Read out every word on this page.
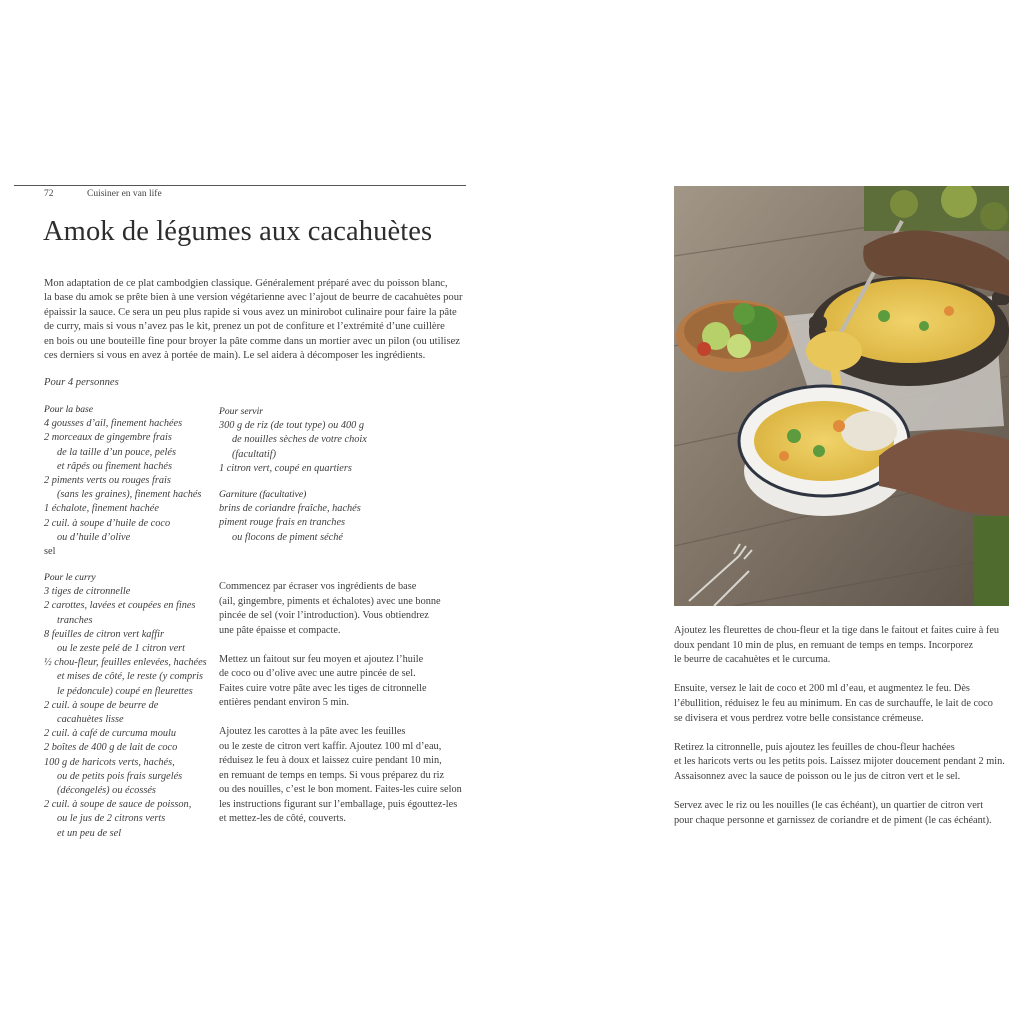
72	Cuisiner en van life
Amok de légumes aux cacahuètes
Mon adaptation de ce plat cambodgien classique. Généralement préparé avec du poisson blanc,
la base du amok se prête bien à une version végétarienne avec l’ajout de beurre de cacahuètes pour
épaissir la sauce. Ce sera un peu plus rapide si vous avez un minirobot culinaire pour faire la pâte
de curry, mais si vous n’avez pas le kit, prenez un pot de confiture et l’extrémité d’une cuillère
en bois ou une bouteille fine pour broyer la pâte comme dans un mortier avec un pilon (ou utilisez
ces derniers si vous en avez à portée de main). Le sel aidera à décomposer les ingrédients.
Pour 4 personnes
Pour la base
4 gousses d’ail, finement hachées
2 morceaux de gingembre frais
de la taille d’un pouce, pelés
et râpés ou finement hachés
2 piments verts ou rouges frais
(sans les graines), finement hachés
1 échalote, finement hachée
2 cuil. à soupe d’huile de coco
ou d’huile d’olive
sel
Pour servir
300 g de riz (de tout type) ou 400 g
de nouilles sèches de votre choix
(facultatif)
1 citron vert, coupé en quartiers
Garniture (facultative)
brins de coriandre fraîche, hachés
piment rouge frais en tranches
ou flocons de piment séché
Pour le curry
3 tiges de citronnelle
2 carottes, lavées et coupées en fines
tranches
8 feuilles de citron vert kaffir
ou le zeste pelé de 1 citron vert
½ chou-fleur, feuilles enlevées, hachées
et mises de côté, le reste (y compris
le pédoncule) coupé en fleurettes
2 cuil. à soupe de beurre de
cacahuètes lisse
2 cuil. à café de curcuma moulu
2 boîtes de 400 g de lait de coco
100 g de haricots verts, hachés,
ou de petits pois frais surgelés
(décongelés) ou écossés
2 cuil. à soupe de sauce de poisson,
ou le jus de 2 citrons verts
et un peu de sel

Commencez par écraser vos ingrédients de base
(ail, gingembre, piments et échalotes) avec une bonne
pincée de sel (voir l’introduction). Vous obtiendrez
une pâte épaisse et compacte.

Mettez un faitout sur feu moyen et ajoutez l’huile
de coco ou d’olive avec une autre pincée de sel.
Faites cuire votre pâte avec les tiges de citronnelle
entières pendant environ 5 min.

Ajoutez les carottes à la pâte avec les feuilles
ou le zeste de citron vert kaffir. Ajoutez 100 ml d’eau,
réduisez le feu à doux et laissez cuire pendant 10 min,
en remuant de temps en temps. Si vous préparez du riz
ou des nouilles, c’est le bon moment. Faites-les cuire selon
les instructions figurant sur l’emballage, puis égouttez-les
et mettez-les de côté, couverts.

Ajoutez les fleurettes de chou-fleur et la tige dans le faitout et faites cuire à feu
doux pendant 10 min de plus, en remuant de temps en temps. Incorporez
le beurre de cacahuètes et le curcuma.

Ensuite, versez le lait de coco et 200 ml d’eau, et augmentez le feu. Dès
l’ébullition, réduisez le feu au minimum. En cas de surchauffe, le lait de coco
se divisera et vous perdrez votre belle consistance crémeuse.

Retirez la citronnelle, puis ajoutez les feuilles de chou-fleur hachées
et les haricots verts ou les petits pois. Laissez mijoter doucement pendant 2 min.
Assaisonnez avec la sauce de poisson ou le jus de citron vert et le sel.

Servez avec le riz ou les nouilles (le cas échéant), un quartier de citron vert
pour chaque personne et garnissez de coriandre et de piment (le cas échéant).
